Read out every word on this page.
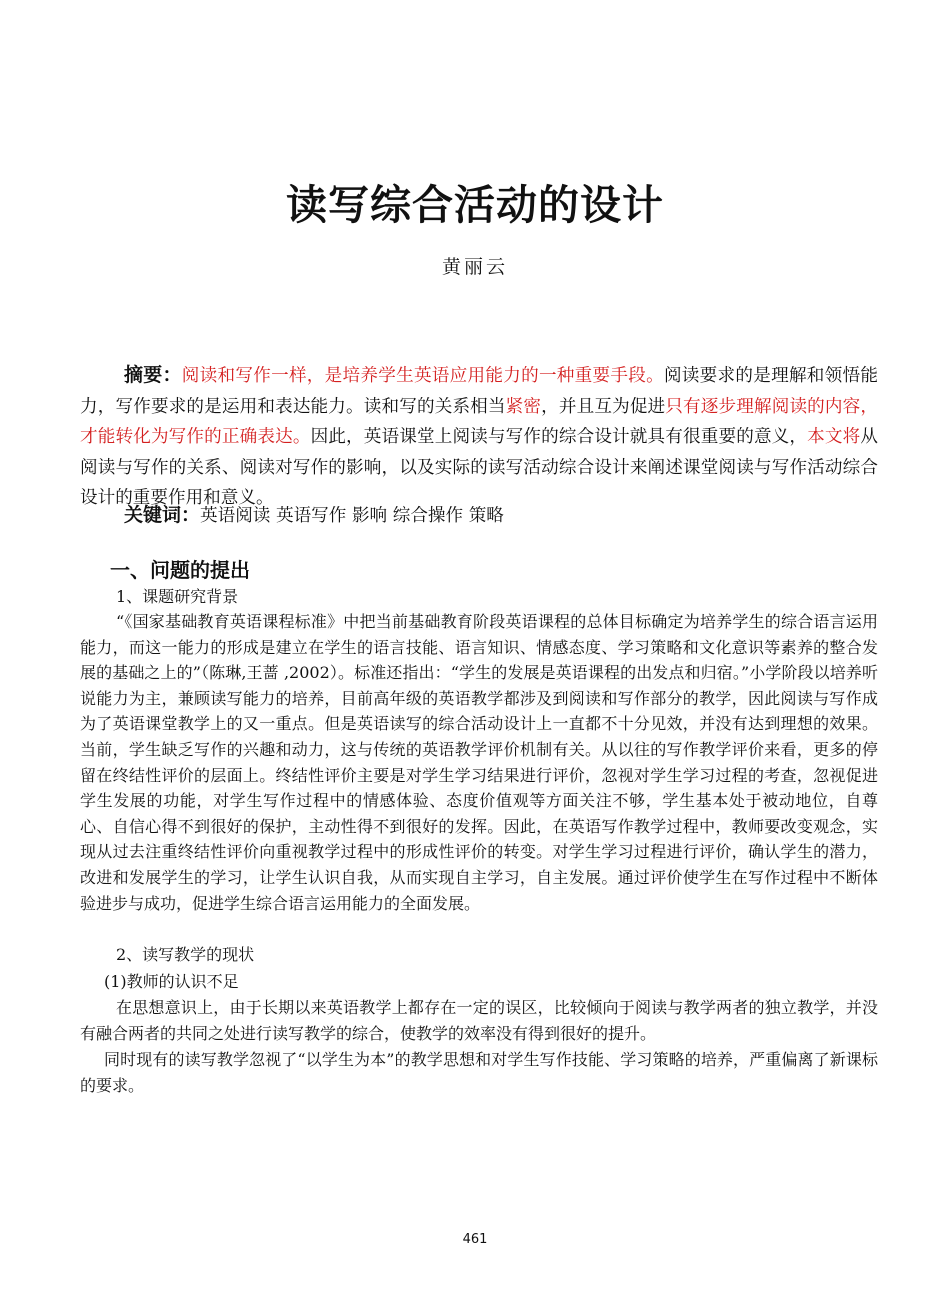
读写综合活动的设计
黄丽云
摘要：阅读和写作一样，是培养学生英语应用能力的一种重要手段。阅读要求的是理解和领悟能力，写作要求的是运用和表达能力。读和写的关系相当紧密，并且互为促进只有逐步理解阅读的内容，才能转化为写作的正确表达。因此，英语课堂上阅读与写作的综合设计就具有很重要的意义，本文将从阅读与写作的关系、阅读对写作的影响，以及实际的读写活动综合设计来阐述课堂阅读与写作活动综合设计的重要作用和意义。
关键词：英语阅读 英语写作 影响 综合操作 策略
一、问题的提出
1、课题研究背景
“《国家基础教育英语课程标准》中把当前基础教育阶段英语课程的总体目标确定为培养学生的综合语言运用能力，而这一能力的形成是建立在学生的语言技能、语言知识、情感态度、学习策略和文化意识等素养的整合发展的基础之上的”（陈琳,王蔷 ,2002）。标准还指出：“学生的发展是英语课程的出发点和归宿。”小学阶段以培养听说能力为主，兼顾读写能力的培养，目前高年级的英语教学都涉及到阅读和写作部分的教学，因此阅读与写作成为了英语课堂教学上的又一重点。但是英语读写的综合活动设计上一直都不十分见效，并没有达到理想的效果。当前，学生缺乏写作的兴趣和动力，这与传统的英语教学评价机制有关。从以往的写作教学评价来看，更多的停留在终结性评价的层面上。终结性评价主要是对学生学习结果进行评价，忽视对学生学习过程的考查，忽视促进学生发展的功能，对学生写作过程中的情感体验、态度价值观等方面关注不够，学生基本处于被动地位，自尊心、自信心得不到很好的保护，主动性得不到很好的发挥。因此，在英语写作教学过程中，教师要改变观念，实现从过去注重终结性评价向重视教学过程中的形成性评价的转变。对学生学习过程进行评价，确认学生的潜力，改进和发展学生的学习，让学生认识自我，从而实现自主学习，自主发展。通过评价使学生在写作过程中不断体验进步与成功，促进学生综合语言运用能力的全面发展。
2、读写教学的现状
(1)教师的认识不足
在思想意识上，由于长期以来英语教学上都存在一定的误区，比较倾向于阅读与教学两者的独立教学，并没有融合两者的共同之处进行读写教学的综合，使教学的效率没有得到很好的提升。
同时现有的读写教学忽视了“以学生为本”的教学思想和对学生写作技能、学习策略的培养，严重偏离了新课标的要求。
461
